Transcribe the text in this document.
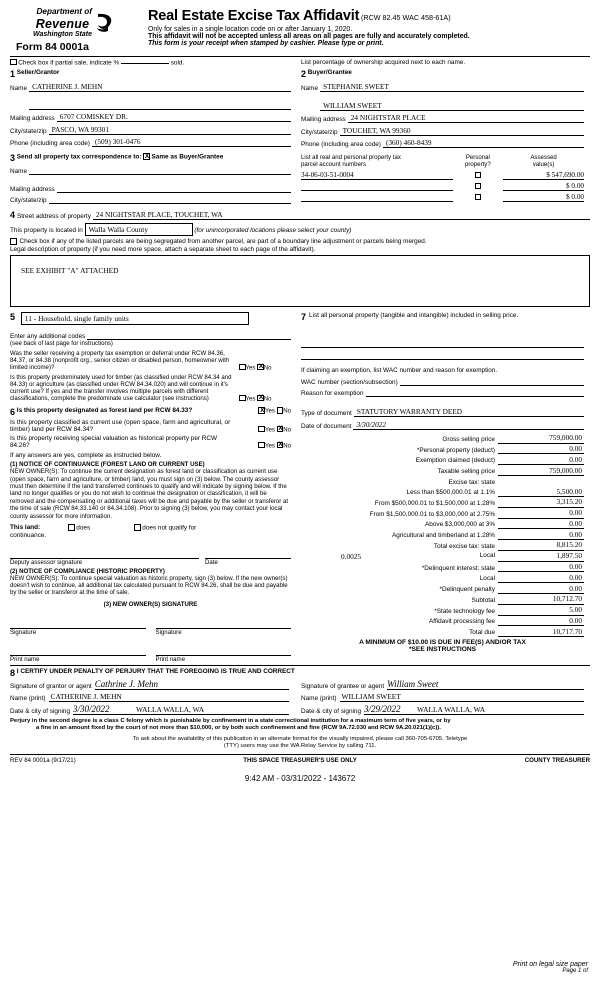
Department of
Revenue
Washington State
Form 84 0001a
Real Estate Excise Tax Affidavit (RCW 82.45 WAC 458-61A)
Only for sales in a single location code on or after January 1, 2020.
This affidavit will not be accepted unless all areas on all pages are fully and accurately completed.
This form is your receipt when stamped by cashier. Please type or print.
Check box if partial sale, indicate %	sold.	List percentage of ownership acquired next to each name.
1 Seller/Grantor
Name CATHERINE J. MEHN
Mailing address 6707 COMISKEY DR.
City/state/zip PASCO, WA 99301
Phone (including area code) (509) 301-0476
2 Buyer/Grantee
Name STEPHANIE SWEET
WILLIAM SWEET
Mailing address 24 NIGHTSTAR PLACE
City/state/zip TOUCHET, WA 99360
Phone (including area code) (360) 460-8439
3 Send all property tax correspondence to: X Same as Buyer/Grantee
Name
Mailing address
City/state/zip
List all real and personal property tax
parcel account numbers

Personal
property?

Assessed
value(s)

34-06-03-51-0004		$ 547,690.00
		$ 0.00
		$ 0.00
4 Street address of property 24 NIGHTSTAR PLACE, TOUCHET, WA
This property is located in Walla Walla County	(for unincorporated locations please select your county)
Check box if any of the listed parcels are being segregated from another parcel, are part of a boundary line adjustment or parcels being merged.
Legal description of property (if you need more space, attach a separate sheet to each page of the affidavit).
SEE EXHIBIT "A" ATTACHED
5 11 - Household, single family units
Enter any additional codes
(see back of last page for instructions)
Was the seller receiving a property tax exemption or deferral under RCW 84.36, 84.37, or 84.38 (nonprofit org., senior citizen or disabled person, homeowner with limited income)?	Yes X No
Is this property predominately used for timber (as classified under RCW 84.34 and 84.33) or agriculture (as classified under RCW 84.34.020) and will continue in it's current use? If yes and the transfer involves multiple parcels with different classifications, complete the predominate use calculator (see instructions)	Yes X No
7 List all personal property (tangible and intangible) included in selling price.
If claiming an exemption, list WAC number and reason for exemption.
WAC number (section/subsection)
Reason for exemption
6 Is this property designated as forest land per RCW 84.33? X	Yes No
Is this property classified as current use (open space, farm and agricultural, or timber) land per RCW 84.34?	Yes X No
Is this property receiving special valuation as historical property per RCW 84.26?	Yes X No
If any answers are yes, complete as instructed below.
(1) NOTICE OF CONTINUANCE (FOREST LAND OR CURRENT USE)
NEW OWNER(S): To continue the current designation as forest land or classification as current use (open space, farm and agriculture, or timber) land, you must sign on (3) below. The county assessor must then determine if the land transferred continues to qualify and will indicate by signing below. If the land no longer qualifies or you do not wish to continue the designation or classification, it will be removed and the compensating or additional taxes will be due and payable by the seller or transferor at the time of sale (RCW 84.33.140 or 84.34.108). Prior to signing (3) below, you may contact your local county assessor for more information.
This land:	does	does not qualify for
continuance.
Deputy assessor signature	Date
(2) NOTICE OF COMPLIANCE (HISTORIC PROPERTY)
NEW OWNER(S): To continue special valuation as historic property, sign (3) below. If the new owner(s) doesn't wish to continue, all additional tax calculated pursuant to RCW 84.26, shall be due and payable by the seller or transferor at the time of sale.
(3) NEW OWNER(S) SIGNATURE
Signature	Signature
Print name	Print name
Type of document STATUTORY WARRANTY DEED
Date of document 3/30/2022
Gross selling price	759,000.00
*Personal property (deduct)	0.00
Exemption claimed (deduct)	0.00
Taxable selling price	759,000.00
Excise tax: state	
Less than $500,000.01 at 1.1%	5,500.00
From $500,000.01 to $1,500,000 at 1.28%	3,315.20
From $1,500,000.01 to $3,000,000 at 2.75%	0.00
Above $3,000,000 at 3%	0.00
Agricultural and timberland at 1.28%	0.00
Total excise tax: state	8,815.20

0.0025 Local	1,897.50
*Delinquent interest: state	0.00
Local	0.00
*Delinquent penalty	0.00
Subtotal	10,712.70
*State technology fee	5.00
Affidavit processing fee	0.00
Total due	10,717.70
A MINIMUM OF $10.00 IS DUE IN FEE(S) AND/OR TAX
*SEE INSTRUCTIONS
8 I CERTIFY UNDER PENALTY OF PERJURY THAT THE FOREGOING IS TRUE AND CORRECT
Signature of grantor or agent Cathrine J. Mehn
Name (print) CATHERINE J. MEHN
Date & city of signing 3/30/2022	WALLA WALLA, WA
Signature of grantee or agent William Sweet
Name (print) WILLIAM SWEET
Date & city of signing 3/29/2022	WALLA WALLA, WA
Perjury in the second degree is a class C felony which is punishable by confinement in a state correctional institution for a maximum term of five years, or by
a fine in an amount fixed by the court of not more than $10,000, or by both such confinement and fine (RCW 9A.72.030 and RCW 9A.20.021(1)(c)).
To ask about the availability of this publication in an alternate format for the visually impaired, please call 360-705-6705. Teletype
(TTY) users may use the WA Relay Service by calling 711.
REV 84 0001a (9/17/21)	THIS SPACE TREASURER'S USE ONLY	COUNTY TREASURER
9:42 AM - 03/31/2022 - 143672
Print on legal size paper
Page 1 of
